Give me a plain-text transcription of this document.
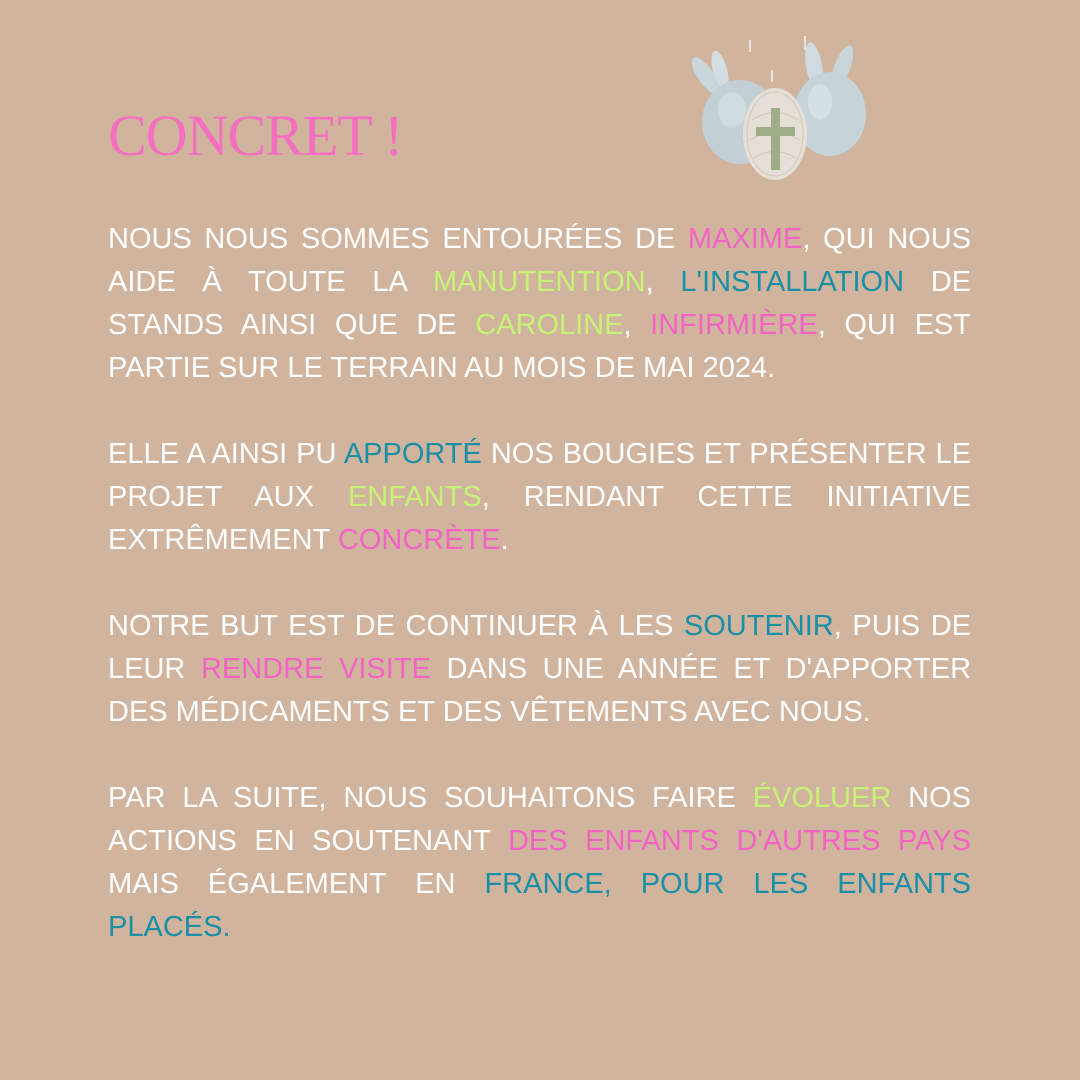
CONCRET !

NOUS NOUS SOMMES ENTOURÉES DE MAXIME, QUI NOUS AIDE À TOUTE LA MANUTENTION, L'INSTALLATION DE STANDS AINSI QUE DE CAROLINE, INFIRMIÈRE, QUI EST PARTIE SUR LE TERRAIN AU MOIS DE MAI 2024.

ELLE A AINSI PU APPORTÉ NOS BOUGIES ET PRÉSENTER LE PROJET AUX ENFANTS, RENDANT CETTE INITIATIVE EXTRÊMEMENT CONCRÈTE.

NOTRE BUT EST DE CONTINUER À LES SOUTENIR, PUIS DE LEUR RENDRE VISITE DANS UNE ANNÉE ET D'APPORTER DES MÉDICAMENTS ET DES VÊTEMENTS AVEC NOUS.

PAR LA SUITE, NOUS SOUHAITONS FAIRE ÉVOLUER NOS ACTIONS EN SOUTENANT DES ENFANTS D'AUTRES PAYS MAIS ÉGALEMENT EN FRANCE, POUR LES ENFANTS PLACÉS.
